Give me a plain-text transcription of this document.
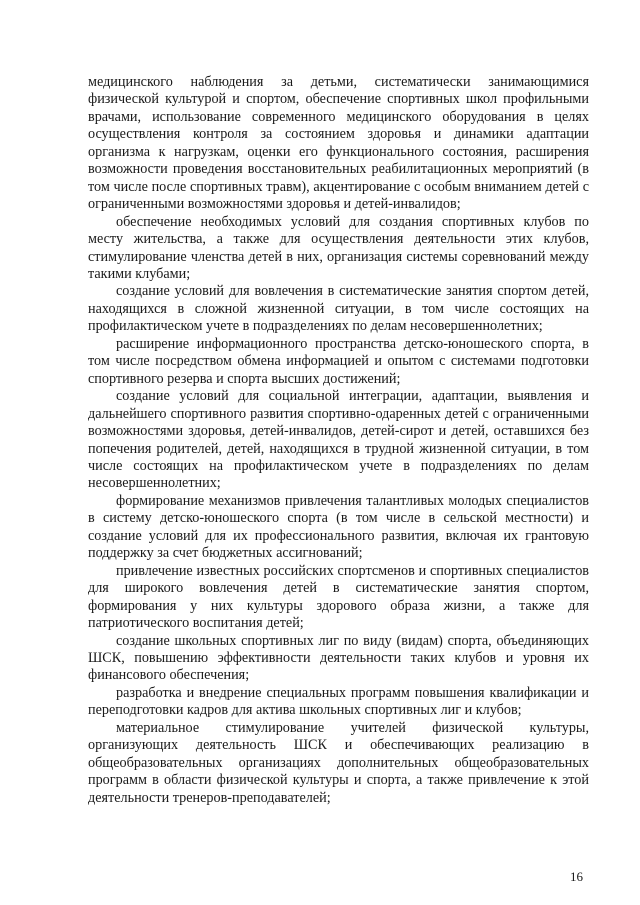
медицинского наблюдения за детьми, систематически занимающимися физической культурой и спортом, обеспечение спортивных школ профильными врачами, использование современного медицинского оборудования в целях осуществления контроля за состоянием здоровья и динамики адаптации организма к нагрузкам, оценки его функционального состояния, расширения возможности проведения восстановительных реабилитационных мероприятий (в том числе после спортивных травм), акцентирование с особым вниманием детей с ограниченными возможностями здоровья и детей-инвалидов;

обеспечение необходимых условий для создания спортивных клубов по месту жительства, а также для осуществления деятельности этих клубов, стимулирование членства детей в них, организация системы соревнований между такими клубами;

создание условий для вовлечения в систематические занятия спортом детей, находящихся в сложной жизненной ситуации, в том числе состоящих на профилактическом учете в подразделениях по делам несовершеннолетних;

расширение информационного пространства детско-юношеского спорта, в том числе посредством обмена информацией и опытом с системами подготовки спортивного резерва и спорта высших достижений;

создание условий для социальной интеграции, адаптации, выявления и дальнейшего спортивного развития спортивно-одаренных детей с ограниченными возможностями здоровья, детей-инвалидов, детей-сирот и детей, оставшихся без попечения родителей, детей, находящихся в трудной жизненной ситуации, в том числе состоящих на профилактическом учете в подразделениях по делам несовершеннолетних;

формирование механизмов привлечения талантливых молодых специалистов в систему детско-юношеского спорта (в том числе в сельской местности) и создание условий для их профессионального развития, включая их грантовую поддержку за счет бюджетных ассигнований;

привлечение известных российских спортсменов и спортивных специалистов для широкого вовлечения детей в систематические занятия спортом, формирования у них культуры здорового образа жизни, а также для патриотического воспитания детей;

создание школьных спортивных лиг по виду (видам) спорта, объединяющих ШСК, повышению эффективности деятельности таких клубов и уровня их финансового обеспечения;

разработка и внедрение специальных программ повышения квалификации и переподготовки кадров для актива школьных спортивных лиг и клубов;

материальное стимулирование учителей физической культуры, организующих деятельность ШСК и обеспечивающих реализацию в общеобразовательных организациях дополнительных общеобразовательных программ в области физической культуры и спорта, а также привлечение к этой деятельности тренеров-преподавателей;

16
